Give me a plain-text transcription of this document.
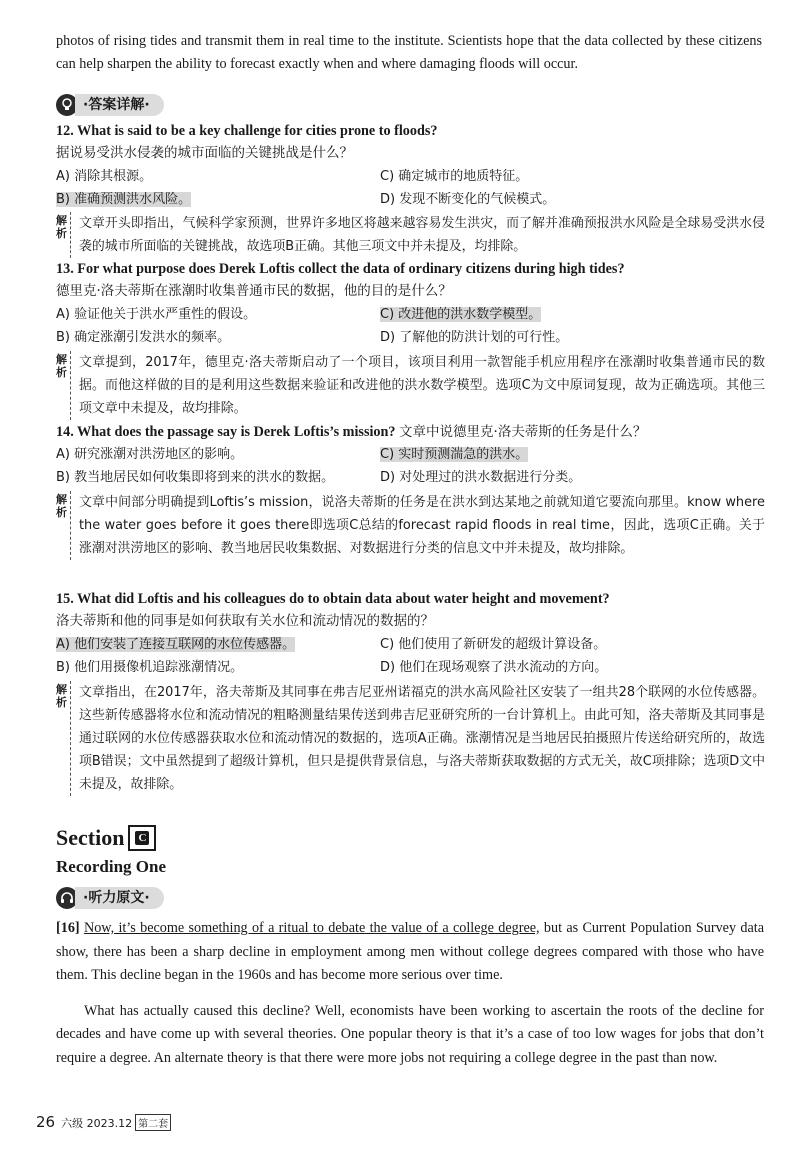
photos of rising tides and transmit them in real time to the institute. Scientists hope that the data collected by these citizens can help sharpen the ability to forecast exactly when and where damaging floods will occur.

·答案详解·
12. What is said to be a key challenge for cities prone to floods?
据说易受洪水侵袭的城市面临的关键挑战是什么？
A) 消除其根源。	C) 确定城市的地质特征。
B) 准确预测洪水风险。	D) 发现不断变化的气候模式。
解析
文章开头即指出，气候科学家预测，世界许多地区将越来越容易发生洪灾，而了解并准确预报洪水风险是全球易受洪水侵袭的城市所面临的关键挑战，故选项B正确。其他三项文中并未提及，均排除。
13. For what purpose does Derek Loftis collect the data of ordinary citizens during high tides?
德里克·洛夫蒂斯在涨潮时收集普通市民的数据，他的目的是什么？
A) 验证他关于洪水严重性的假设。	C) 改进他的洪水数学模型。
B) 确定涨潮引发洪水的频率。	D) 了解他的防洪计划的可行性。
解析
文章提到，2017年，德里克·洛夫蒂斯启动了一个项目，该项目利用一款智能手机应用程序在涨潮时收集普通市民的数据。而他这样做的目的是利用这些数据来验证和改进他的洪水数学模型。选项C为文中原词复现，故为正确选项。其他三项文章中未提及，故均排除。
14. What does the passage say is Derek Loftis’s mission? 文章中说德里克·洛夫蒂斯的任务是什么？
A) 研究涨潮对洪涝地区的影响。	C) 实时预测湍急的洪水。
B) 教当地居民如何收集即将到来的洪水的数据。	D) 对处理过的洪水数据进行分类。
解析
文章中间部分明确提到Loftis’s mission，说洛夫蒂斯的任务是在洪水到达某地之前就知道它要流向那里。know where the water goes before it goes there即选项C总结的forecast rapid floods in real time，因此，选项C正确。关于涨潮对洪涝地区的影响、教当地居民收集数据、对数据进行分类的信息文中并未提及，故均排除。
15. What did Loftis and his colleagues do to obtain data about water height and movement?
洛夫蒂斯和他的同事是如何获取有关水位和流动情况的数据的？
A) 他们安装了连接互联网的水位传感器。	C) 他们使用了新研发的超级计算设备。
B) 他们用摄像机追踪涨潮情况。	D) 他们在现场观察了洪水流动的方向。
解析
文章指出，在2017年，洛夫蒂斯及其同事在弗吉尼亚州诺福克的洪水高风险社区安装了一组共28个联网的水位传感器。这些新传感器将水位和流动情况的粗略测量结果传送到弗吉尼亚研究所的一台计算机上。由此可知，洛夫蒂斯及其同事是通过联网的水位传感器获取水位和流动情况的数据的，选项A正确。涨潮情况是当地居民拍摄照片传送给研究所的，故选项B错误；文中虽然提到了超级计算机，但只是提供背景信息，与洛夫蒂斯获取数据的方式无关，故C项排除；选项D文中未提及，故排除。
Section C
Recording One
·听力原文·

[16] Now, it’s become something of a ritual to debate the value of a college degree, but as Current Population Survey data show, there has been a sharp decline in employment among men without college degrees compared with those who have them. This decline began in the 1960s and has become more serious over time.

What has actually caused this decline? Well, economists have been working to ascertain the roots of the decline for decades and have come up with several theories. One popular theory is that it’s a case of too low wages for jobs that don’t require a degree. An alternate theory is that there were more jobs not requiring a college degree in the past than now.

26 六级 2023.12 第二套
